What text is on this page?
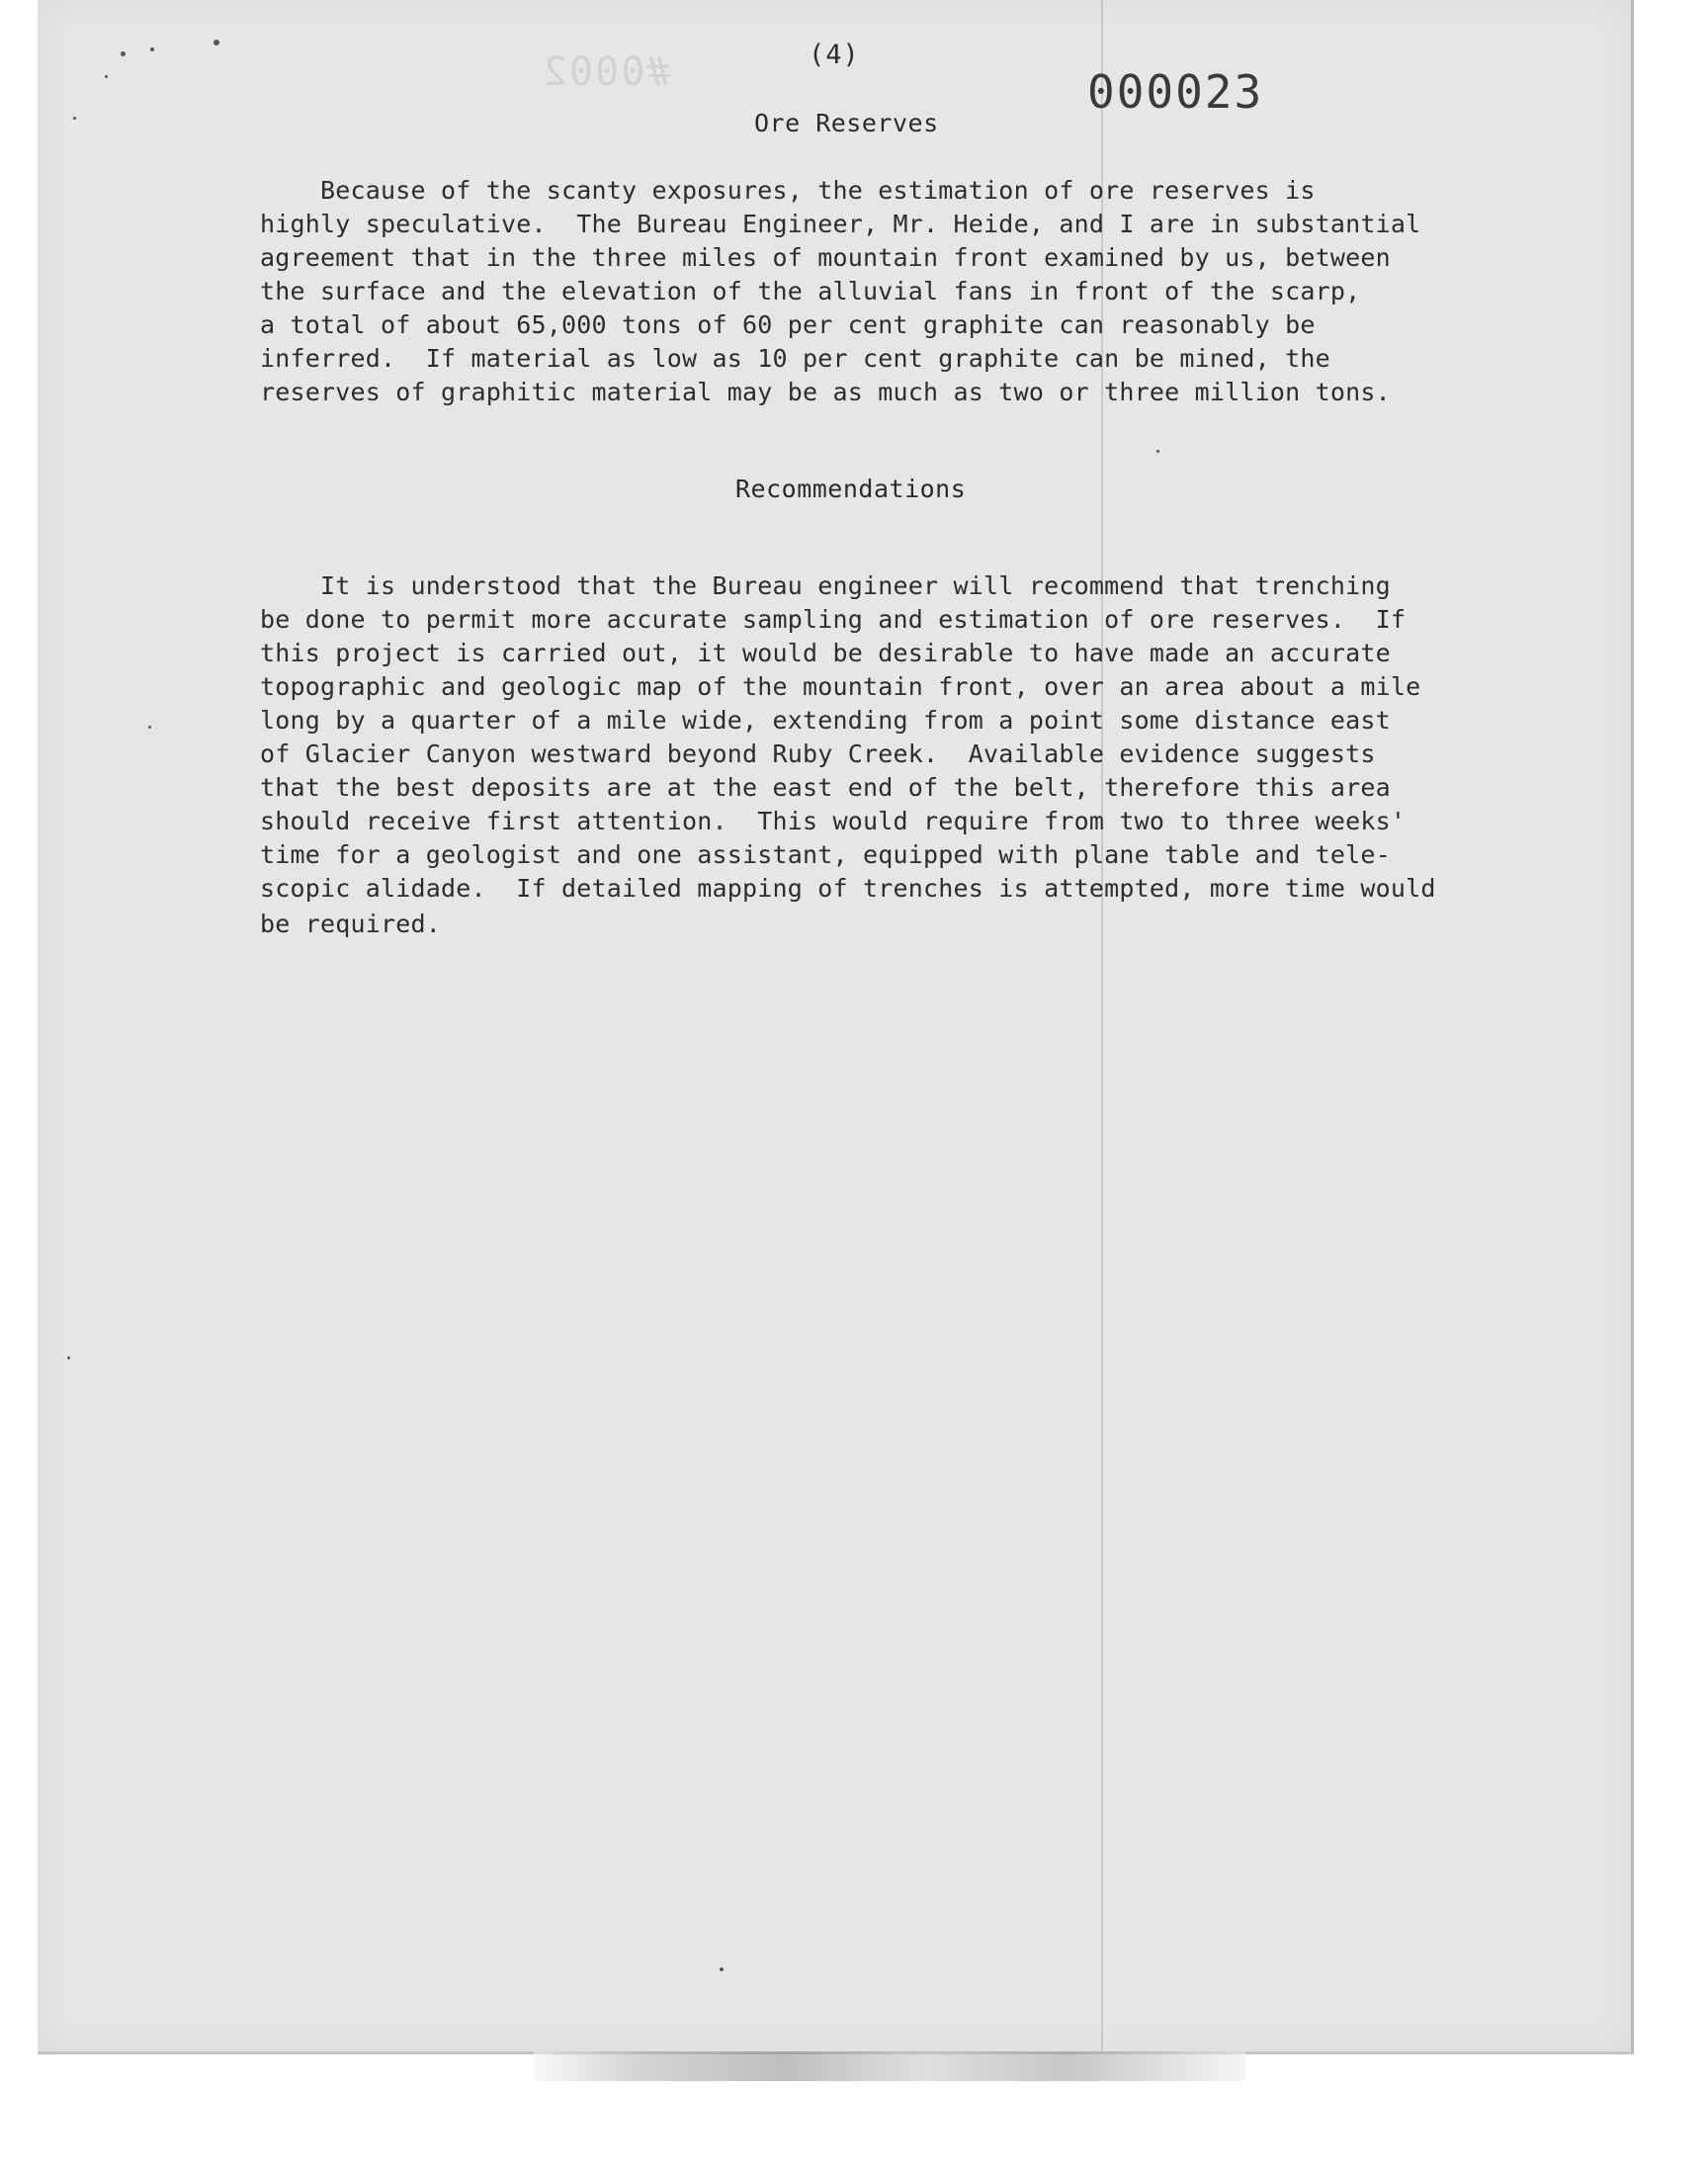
#0002	(4)
000023
Ore Reserves
Because of the scanty exposures, the estimation of ore reserves is
highly speculative.  The Bureau Engineer, Mr. Heide, and I are in substantial
agreement that in the three miles of mountain front examined by us, between
the surface and the elevation of the alluvial fans in front of the scarp,
a total of about 65,000 tons of 60 per cent graphite can reasonably be
inferred.  If material as low as 10 per cent graphite can be mined, the
reserves of graphitic material may be as much as two or three million tons.
Recommendations
It is understood that the Bureau engineer will recommend that trenching
be done to permit more accurate sampling and estimation of ore reserves.  If
this project is carried out, it would be desirable to have made an accurate
topographic and geologic map of the mountain front, over an area about a mile
long by a quarter of a mile wide, extending from a point some distance east
of Glacier Canyon westward beyond Ruby Creek.  Available evidence suggests
that the best deposits are at the east end of the belt, therefore this area
should receive first attention.  This would require from two to three weeks'
time for a geologist and one assistant, equipped with plane table and tele-
scopic alidade.  If detailed mapping of trenches is attempted, more time would
be required.
